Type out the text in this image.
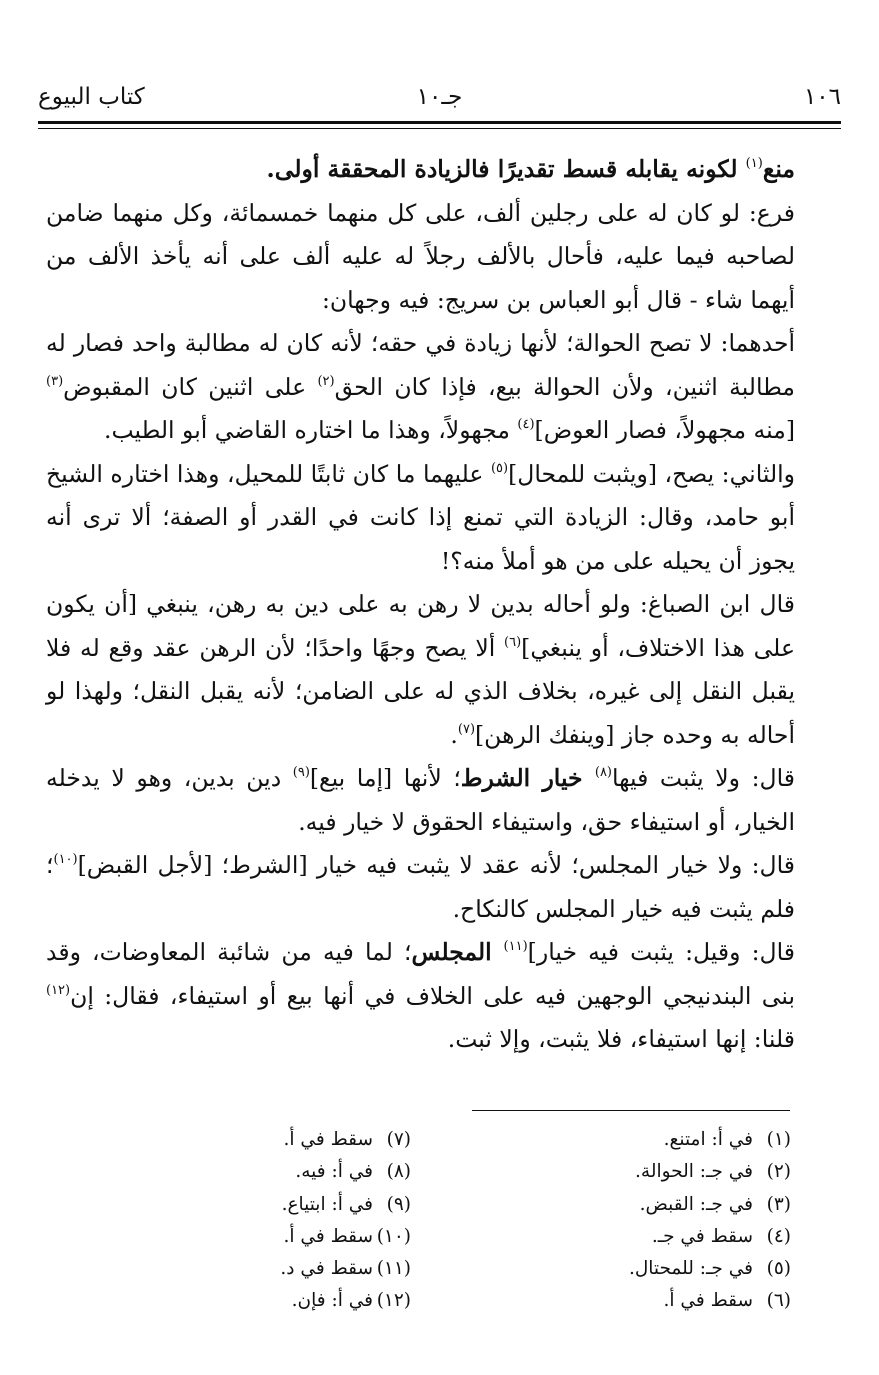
١٠٦
جـ١٠
كتاب البيوع

منع$^{(١)}$ لكونه يقابله قسط تقديرًا فالزيادة المحققة أولى.

فرع: لو كان له على رجلين ألف، على كل منهما خمسمائة، وكل منهما ضامن لصاحبه فيما عليه، فأحال بالألف رجلاً له عليه ألف على أنه يأخذ الألف من أيهما شاء - قال أبو العباس بن سريج: فيه وجهان:

أحدهما: لا تصح الحوالة؛ لأنها زيادة في حقه؛ لأنه كان له مطالبة واحد فصار له مطالبة اثنين، ولأن الحوالة بيع، فإذا كان الحق$^{(٢)}$ على اثنين كان المقبوض$^{(٣)}$ [منه مجهولاً، فصار العوض]$^{(٤)}$ مجهولاً، وهذا ما اختاره القاضي أبو الطيب.

والثاني: يصح، [ويثبت للمحال]$^{(٥)}$ عليهما ما كان ثابتًا للمحيل، وهذا اختاره الشيخ أبو حامد، وقال: الزيادة التي تمنع إذا كانت في القدر أو الصفة؛ ألا ترى أنه يجوز أن يحيله على من هو أملأ منه؟!

قال ابن الصباغ: ولو أحاله بدين لا رهن به على دين به رهن، ينبغي [أن يكون على هذا الاختلاف، أو ينبغي]$^{(٦)}$ ألا يصح وجهًا واحدًا؛ لأن الرهن عقد وقع له فلا يقبل النقل إلى غيره، بخلاف الذي له على الضامن؛ لأنه يقبل النقل؛ ولهذا لو أحاله به وحده جاز [وينفك الرهن]$^{(٧)}$.

قال: ولا يثبت فيها$^{(٨)}$ خيار الشرط؛ لأنها [إما بيع]$^{(٩)}$ دين بدين، وهو لا يدخله الخيار، أو استيفاء حق، واستيفاء الحقوق لا خيار فيه.

قال: ولا خيار المجلس؛ لأنه عقد لا يثبت فيه خيار [الشرط؛ [لأجل القبض]$^{(١٠)}$؛ فلم يثبت فيه خيار المجلس كالنكاح.

قال: وقيل: يثبت فيه خيار]$^{(١١)}$ المجلس؛ لما فيه من شائبة المعاوضات، وقد بنى البندنيجي الوجهين فيه على الخلاف في أنها بيع أو استيفاء، فقال: إن$^{(١٢)}$ قلنا: إنها استيفاء، فلا يثبت، وإلا ثبت.

(١)في أ: امتنع.
(٢)في جـ: الحوالة.
(٣)في جـ: القبض.
(٤)سقط في جـ.
(٥)في جـ: للمحتال.
(٦)سقط في أ.
(٧)سقط في أ.
(٨)في أ: فيه.
(٩)في أ: ابتياع.
(١٠)سقط في أ.
(١١)سقط في د.
(١٢)في أ: فإن.
